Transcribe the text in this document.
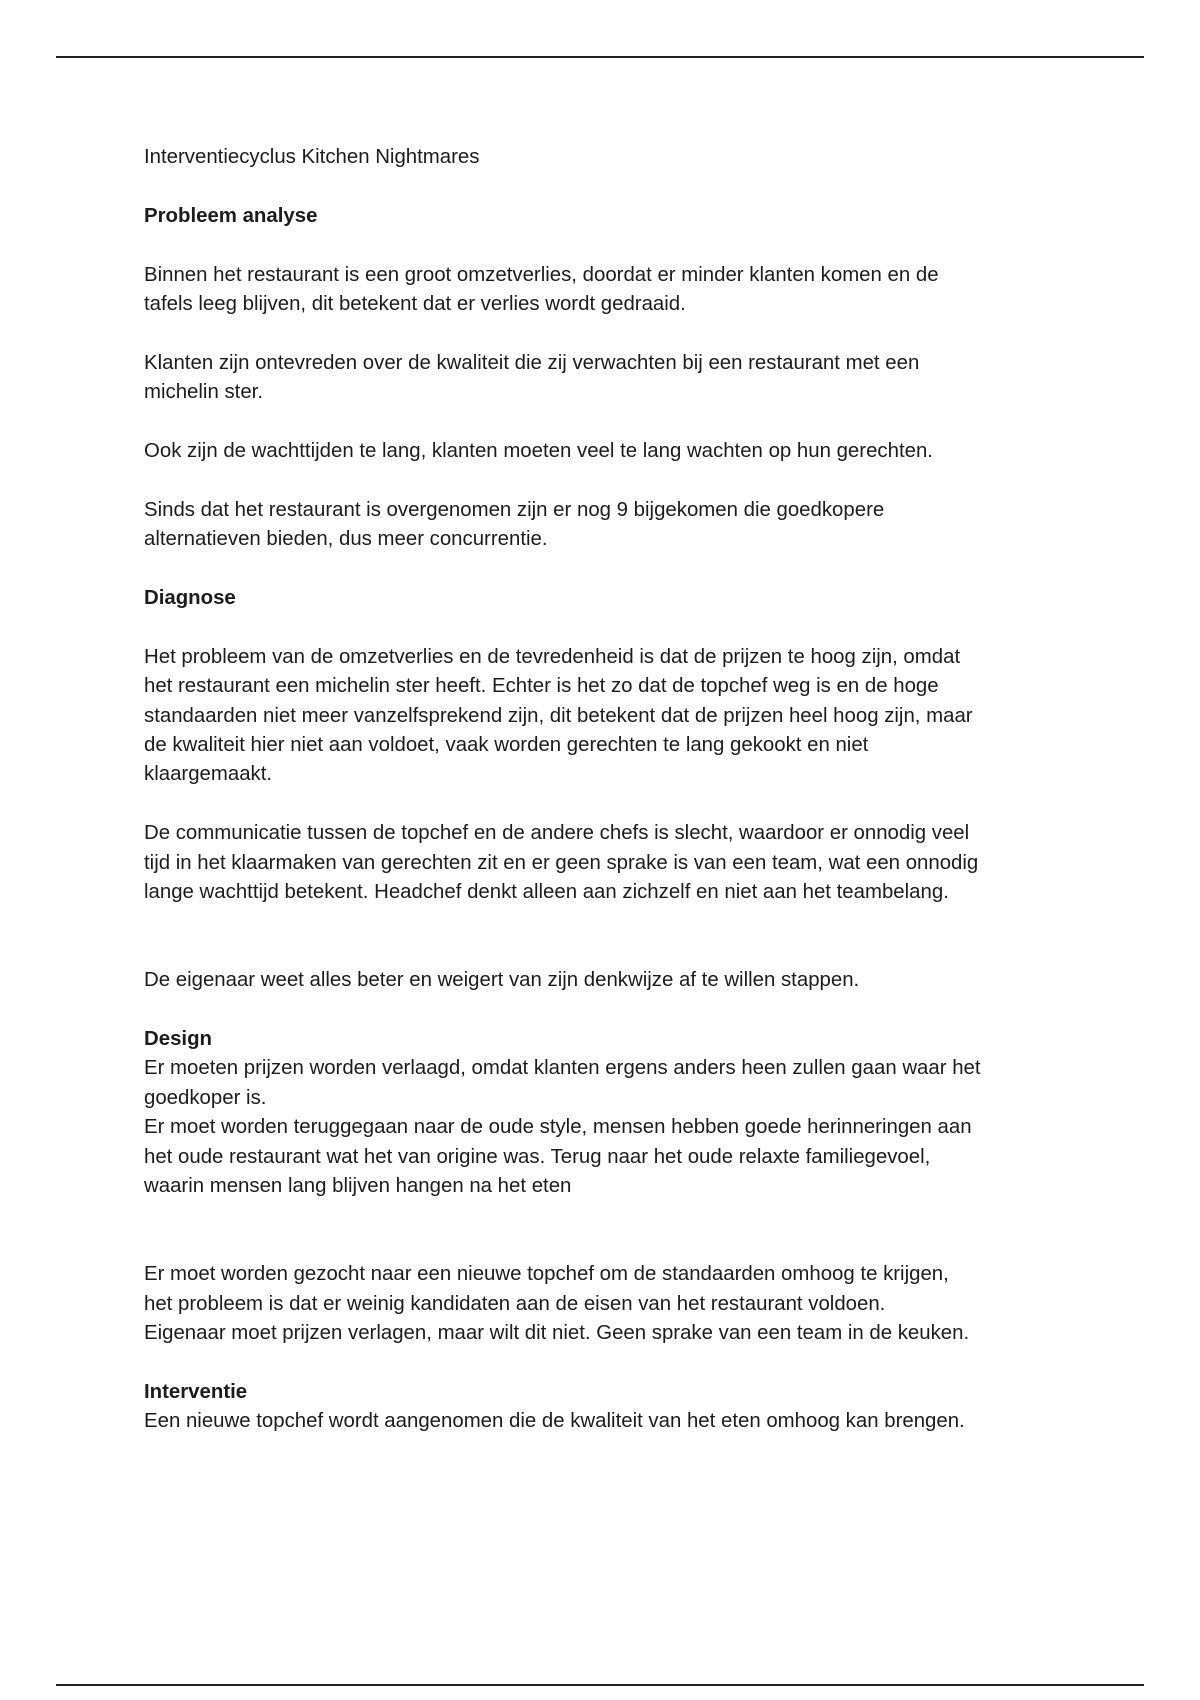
Interventiecyclus Kitchen Nightmares
Probleem analyse
Binnen het restaurant is een groot omzetverlies, doordat er minder klanten komen en de
tafels leeg blijven, dit betekent dat er verlies wordt gedraaid.
Klanten zijn ontevreden over de kwaliteit die zij verwachten bij een restaurant met een
michelin ster.
Ook zijn de wachttijden te lang, klanten moeten veel te lang wachten op hun gerechten.
Sinds dat het restaurant is overgenomen zijn er nog 9 bijgekomen die goedkopere
alternatieven bieden, dus meer concurrentie.
Diagnose
Het probleem van de omzetverlies en de tevredenheid is dat de prijzen te hoog zijn, omdat
het restaurant een michelin ster heeft. Echter is het zo dat de topchef weg is en de hoge
standaarden niet meer vanzelfsprekend zijn, dit betekent dat de prijzen heel hoog zijn, maar
de kwaliteit hier niet aan voldoet, vaak worden gerechten te lang gekookt en niet
klaargemaakt.
De communicatie tussen de topchef en de andere chefs is slecht, waardoor er onnodig veel
tijd in het klaarmaken van gerechten zit en er geen sprake is van een team, wat een onnodig
lange wachttijd betekent. Headchef denkt alleen aan zichzelf en niet aan het teambelang.
De eigenaar weet alles beter en weigert van zijn denkwijze af te willen stappen.
Design
Er moeten prijzen worden verlaagd, omdat klanten ergens anders heen zullen gaan waar het
goedkoper is.
Er moet worden teruggegaan naar de oude style, mensen hebben goede herinneringen aan
het oude restaurant wat het van origine was. Terug naar het oude relaxte familiegevoel,
waarin mensen lang blijven hangen na het eten
Er moet worden gezocht naar een nieuwe topchef om de standaarden omhoog te krijgen,
het probleem is dat er weinig kandidaten aan de eisen van het restaurant voldoen.
Eigenaar moet prijzen verlagen, maar wilt dit niet. Geen sprake van een team in de keuken.
Interventie
Een nieuwe topchef wordt aangenomen die de kwaliteit van het eten omhoog kan brengen.
